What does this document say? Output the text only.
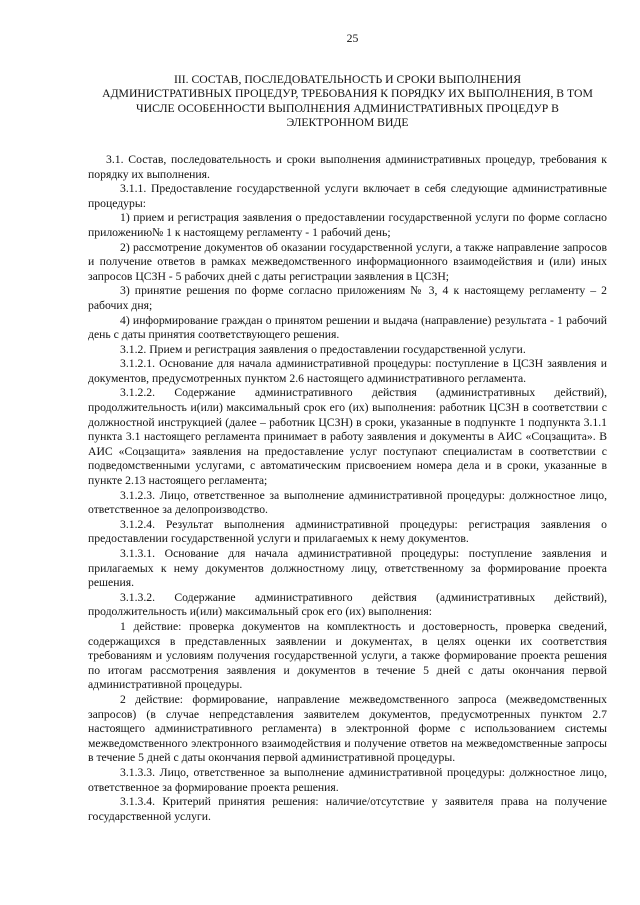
25
III. СОСТАВ, ПОСЛЕДОВАТЕЛЬНОСТЬ И СРОКИ ВЫПОЛНЕНИЯ
АДМИНИСТРАТИВНЫХ ПРОЦЕДУР, ТРЕБОВАНИЯ К ПОРЯДКУ ИХ ВЫПОЛНЕНИЯ, В ТОМ
ЧИСЛЕ ОСОБЕННОСТИ ВЫПОЛНЕНИЯ АДМИНИСТРАТИВНЫХ ПРОЦЕДУР В
ЭЛЕКТРОННОМ ВИДЕ

3.1. Состав, последовательность и сроки выполнения административных процедур, требования к порядку их выполнения.

3.1.1. Предоставление государственной услуги включает в себя следующие административные процедуры:

1) прием и регистрация заявления о предоставлении государственной услуги по форме согласно приложению№ 1 к настоящему регламенту - 1 рабочий день;

2) рассмотрение документов об оказании государственной услуги, а также направление запросов и получение ответов в рамках межведомственного информационного взаимодействия и (или) иных запросов ЦСЗН - 5 рабочих дней с даты регистрации заявления в ЦСЗН;

3) принятие решения по форме согласно приложениям № 3, 4 к настоящему регламенту – 2 рабочих дня;

4) информирование граждан о принятом решении и выдача (направление) результата - 1 рабочий день с даты принятия соответствующего решения.

3.1.2. Прием и регистрация заявления о предоставлении государственной услуги.

3.1.2.1. Основание для начала административной процедуры: поступление в ЦСЗН заявления и документов, предусмотренных пунктом 2.6 настоящего административного регламента.

3.1.2.2. Содержание административного действия (административных действий), продолжительность и(или) максимальный срок его (их) выполнения: работник ЦСЗН в соответствии с должностной инструкцией (далее – работник ЦСЗН) в сроки, указанные в подпункте 1 подпункта 3.1.1 пункта 3.1 настоящего регламента принимает в работу заявления и документы в АИС «Соцзащита». В АИС «Соцзащита» заявления на предоставление услуг поступают специалистам в соответствии с подведомственными услугами, с автоматическим присвоением номера дела и в сроки, указанные в пункте 2.13 настоящего регламента;

3.1.2.3. Лицо, ответственное за выполнение административной процедуры: должностное лицо, ответственное за делопроизводство.

3.1.2.4. Результат выполнения административной процедуры: регистрация заявления о предоставлении государственной услуги и прилагаемых к нему документов.

3.1.3.1. Основание для начала административной процедуры: поступление заявления и прилагаемых к нему документов должностному лицу, ответственному за формирование проекта решения.

3.1.3.2. Содержание административного действия (административных действий), продолжительность и(или) максимальный срок его (их) выполнения:

1 действие: проверка документов на комплектность и достоверность, проверка сведений, содержащихся в представленных заявлении и документах, в целях оценки их соответствия требованиям и условиям получения государственной услуги, а также формирование проекта решения по итогам рассмотрения заявления и документов в течение 5 дней с даты окончания первой административной процедуры.

2 действие: формирование, направление межведомственного запроса (межведомственных запросов) (в случае непредставления заявителем документов, предусмотренных пунктом 2.7 настоящего административного регламента) в электронной форме с использованием системы межведомственного электронного взаимодействия и получение ответов на межведомственные запросы в течение 5 дней с даты окончания первой административной процедуры.

3.1.3.3. Лицо, ответственное за выполнение административной процедуры: должностное лицо, ответственное за формирование проекта решения.

3.1.3.4. Критерий принятия решения: наличие/отсутствие у заявителя права на получение государственной услуги.
